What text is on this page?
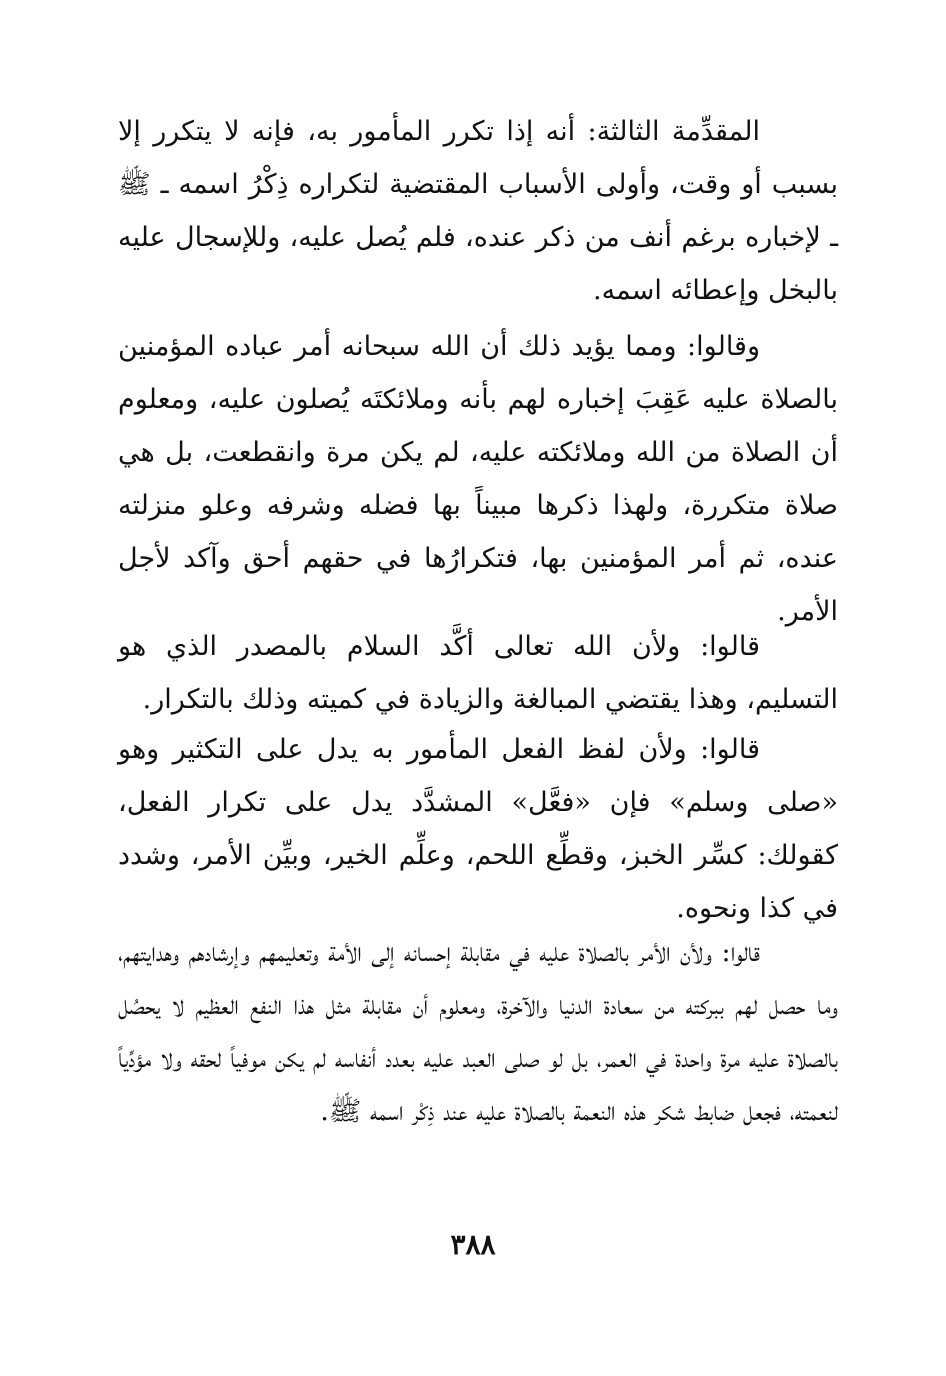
المقدِّمة الثالثة: أنه إذا تكرر المأمور به، فإنه لا يتكرر إلا بسبب أو وقت، وأولى الأسباب المقتضية لتكراره ذِكْرُ اسمه ـ ﷺ ـ لإخباره برغم أنف من ذكر عنده، فلم يُصل عليه، وللإسجال عليه بالبخل وإعطائه اسمه.

وقالوا: ومما يؤيد ذلك أن الله سبحانه أمر عباده المؤمنين بالصلاة عليه عَقِبَ إخباره لهم بأنه وملائكتَه يُصلون عليه، ومعلوم أن الصلاة من الله وملائكته عليه، لم يكن مرة وانقطعت، بل هي صلاة متكررة، ولهذا ذكرها مبيناً بها فضله وشرفه وعلو منزلته عنده، ثم أمر المؤمنين بها، فتكرارُها في حقهم أحق وآكد لأجل الأمر.

قالوا: ولأن الله تعالى أكَّد السلام بالمصدر الذي هو التسليم، وهذا يقتضي المبالغة والزيادة في كميته وذلك بالتكرار.

قالوا: ولأن لفظ الفعل المأمور به يدل على التكثير وهو «صلى وسلم» فإن «فعَّل» المشدَّد يدل على تكرار الفعل، كقولك: كسِّر الخبز، وقطِّع اللحم، وعلِّم الخير، وبيِّن الأمر، وشدد في كذا ونحوه.

قالوا: ولأن الأمر بالصلاة عليه في مقابلة إحسانه إلى الأمة وتعليمهم وإرشادهم وهدايتهم، وما حصل لهم ببركته من سعادة الدنيا والآخرة، ومعلوم أن مقابلة مثل هذا النفع العظيم لا يحصُل بالصلاة عليه مرة واحدة في العمر، بل لو صلى العبد عليه بعدد أنفاسه لم يكن موفياً لحقه ولا مؤدِّياً لنعمته، فجعل ضابط شكر هذه النعمة بالصلاة عليه عند ذِكْر اسمه ﷺ.

٣٨٨
